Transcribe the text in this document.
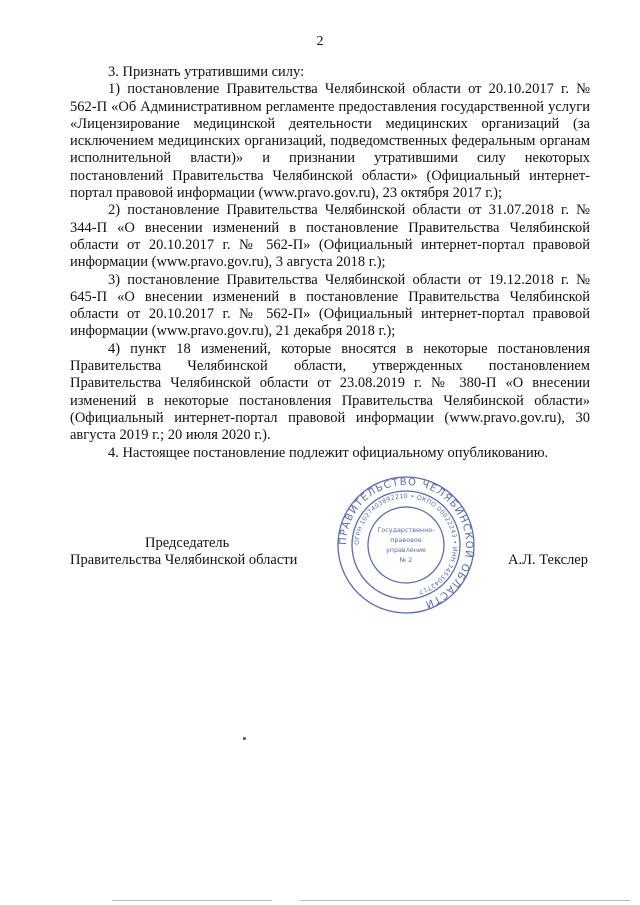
2

3. Признать утратившими силу:

1) постановление Правительства Челябинской области от 20.10.2017 г. № 562-П «Об Административном регламенте предоставления государственной услуги «Лицензирование медицинской деятельности медицинских организаций (за исключением медицинских организаций, подведомственных федеральным органам исполнительной власти)» и признании утратившими силу некоторых постановлений Правительства Челябинской области» (Официальный интернет-портал правовой информации (www.pravo.gov.ru), 23 октября 2017 г.);

2) постановление Правительства Челябинской области от 31.07.2018 г. № 344-П «О внесении изменений в постановление Правительства Челябинской области от 20.10.2017 г. № 562-П» (Официальный интернет-портал правовой информации (www.pravo.gov.ru), 3 августа 2018 г.);

3) постановление Правительства Челябинской области от 19.12.2018 г. № 645-П «О внесении изменений в постановление Правительства Челябинской области от 20.10.2017 г. № 562-П» (Официальный интернет-портал правовой информации (www.pravo.gov.ru), 21 декабря 2018 г.);

4) пункт 18 изменений, которые вносятся в некоторые постановления Правительства Челябинской области, утвержденных постановлением Правительства Челябинской области от 23.08.2019 г. № 380-П «О внесении изменений в некоторые постановления Правительства Челябинской области» (Официальный интернет-портал правовой информации (www.pravo.gov.ru), 30 августа 2019 г.; 20 июля 2020 г.).

4. Настоящее постановление подлежит официальному опубликованию.

Председатель
Правительства Челябинской области	А.Л. Текслер
ПРАВИТЕЛЬСТВО ЧЕЛЯБИНСКОЙ ОБЛАСТИ
ОГРН 1027403892210 • ОКПО 00022243 • ИНН 7453042717
Государственно-
правовое
управление
№ 2
